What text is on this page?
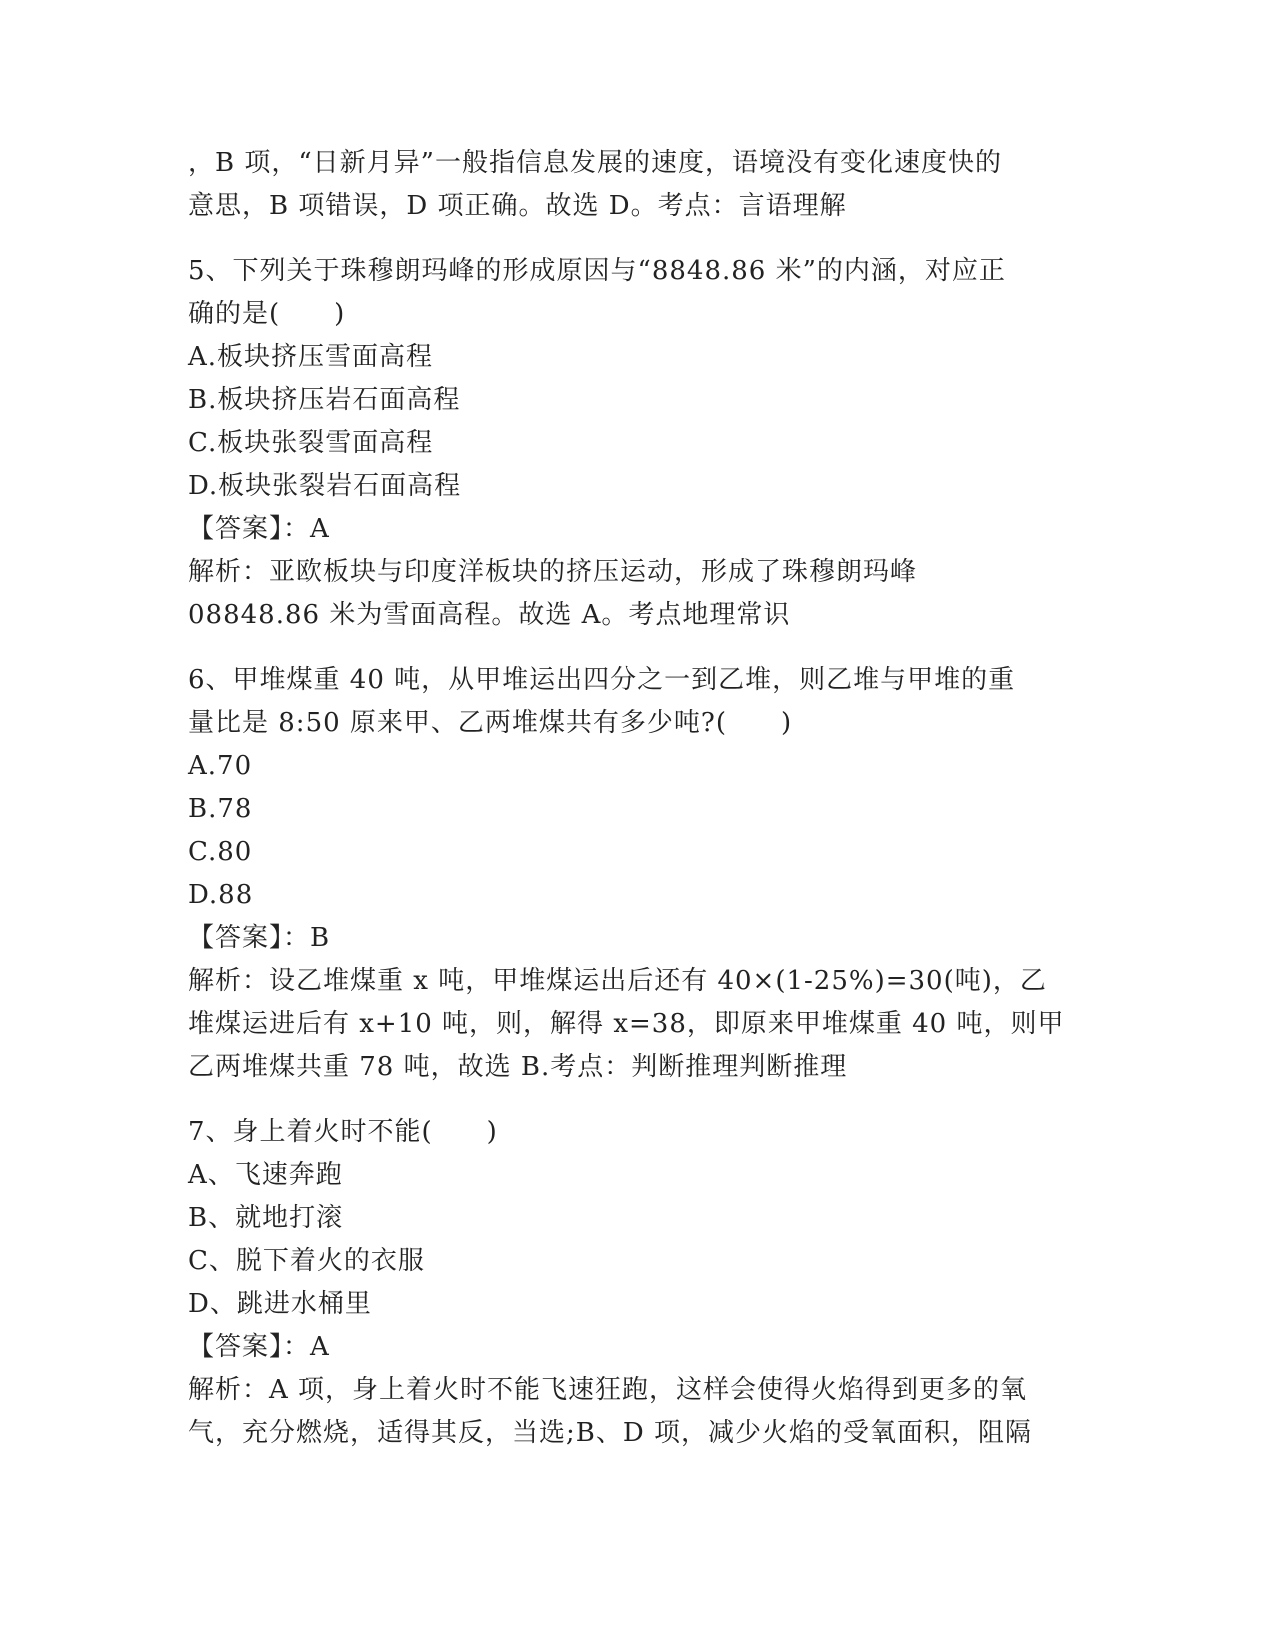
，B 项，“日新月异”一般指信息发展的速度，语境没有变化速度快的
意思，B 项错误，D 项正确。故选 D。考点：言语理解
5、下列关于珠穆朗玛峰的形成原因与“8848.86 米”的内涵，对应正
确的是(　　)
A.板块挤压雪面高程
B.板块挤压岩石面高程
C.板块张裂雪面高程
D.板块张裂岩石面高程
【答案】：A
解析：亚欧板块与印度洋板块的挤压运动，形成了珠穆朗玛峰
08848.86 米为雪面高程。故选 A。考点地理常识
6、甲堆煤重 40 吨，从甲堆运出四分之一到乙堆，则乙堆与甲堆的重
量比是 8:50 原来甲、乙两堆煤共有多少吨?(　　)
A.70
B.78
C.80
D.88
【答案】：B
解析：设乙堆煤重 x 吨，甲堆煤运出后还有 40×(1-25%)=30(吨)，乙
堆煤运进后有 x+10 吨，则，解得 x=38，即原来甲堆煤重 40 吨，则甲
乙两堆煤共重 78 吨，故选 B.考点：判断推理判断推理
7、身上着火时不能(　　)
A、飞速奔跑
B、就地打滚
C、脱下着火的衣服
D、跳进水桶里
【答案】：A
解析：A 项，身上着火时不能飞速狂跑，这样会使得火焰得到更多的氧
气，充分燃烧，适得其反，当选;B、D 项，减少火焰的受氧面积，阻隔
